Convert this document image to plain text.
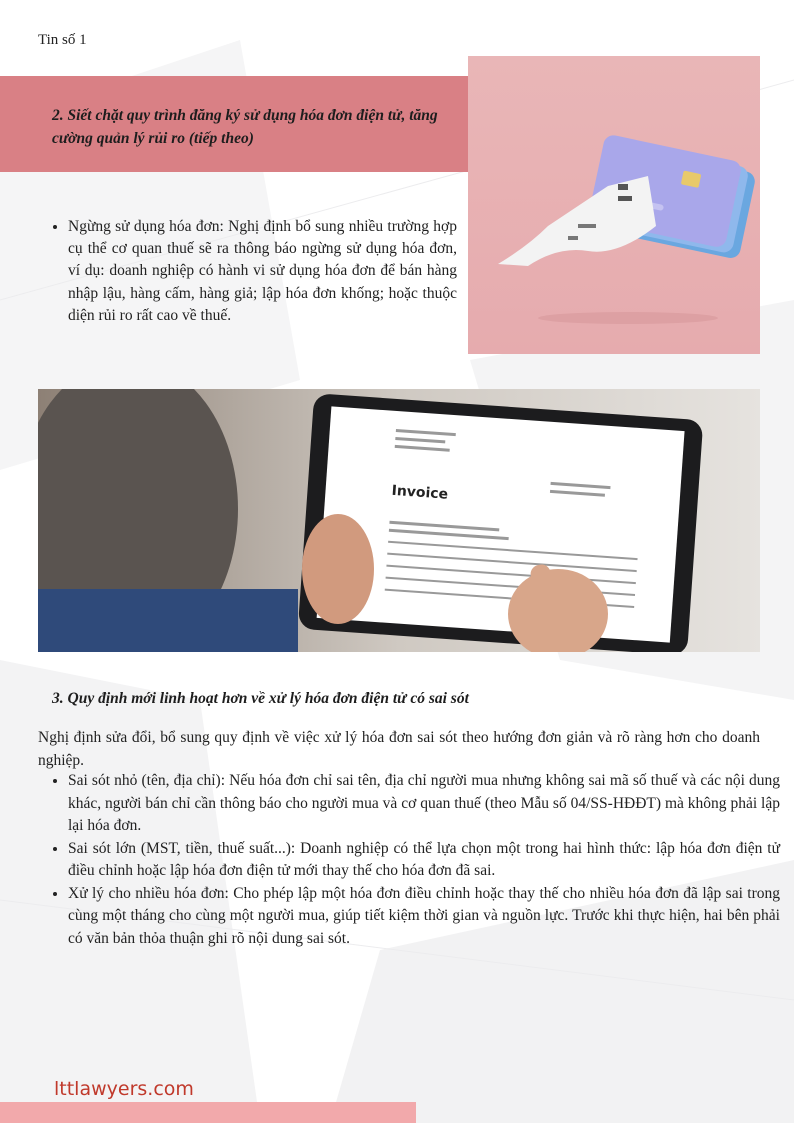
Tin số 1
2. Siết chặt quy trình đăng ký sử dụng hóa đơn điện tử, tăng cường quản lý rủi ro (tiếp theo)
• Ngừng sử dụng hóa đơn: Nghị định bổ sung nhiều trường hợp cụ thể cơ quan thuế sẽ ra thông báo ngừng sử dụng hóa đơn, ví dụ: doanh nghiệp có hành vi sử dụng hóa đơn để bán hàng nhập lậu, hàng cấm, hàng giả; lập hóa đơn khống; hoặc thuộc diện rủi ro rất cao về thuế.
Invoice
3. Quy định mới linh hoạt hơn về xử lý hóa đơn điện tử có sai sót
Nghị định sửa đổi, bổ sung quy định về việc xử lý hóa đơn sai sót theo hướng đơn giản và rõ ràng hơn cho doanh nghiệp.
• Sai sót nhỏ (tên, địa chỉ): Nếu hóa đơn chỉ sai tên, địa chỉ người mua nhưng không sai mã số thuế và các nội dung khác, người bán chỉ cần thông báo cho người mua và cơ quan thuế (theo Mẫu số 04/SS-HĐĐT) mà không phải lập lại hóa đơn.
• Sai sót lớn (MST, tiền, thuế suất...): Doanh nghiệp có thể lựa chọn một trong hai hình thức: lập hóa đơn điện tử điều chỉnh hoặc lập hóa đơn điện tử mới thay thế cho hóa đơn đã sai.
• Xử lý cho nhiều hóa đơn: Cho phép lập một hóa đơn điều chỉnh hoặc thay thế cho nhiều hóa đơn đã lập sai trong cùng một tháng cho cùng một người mua, giúp tiết kiệm thời gian và nguồn lực. Trước khi thực hiện, hai bên phải có văn bản thỏa thuận ghi rõ nội dung sai sót.
lttlawyers.com
